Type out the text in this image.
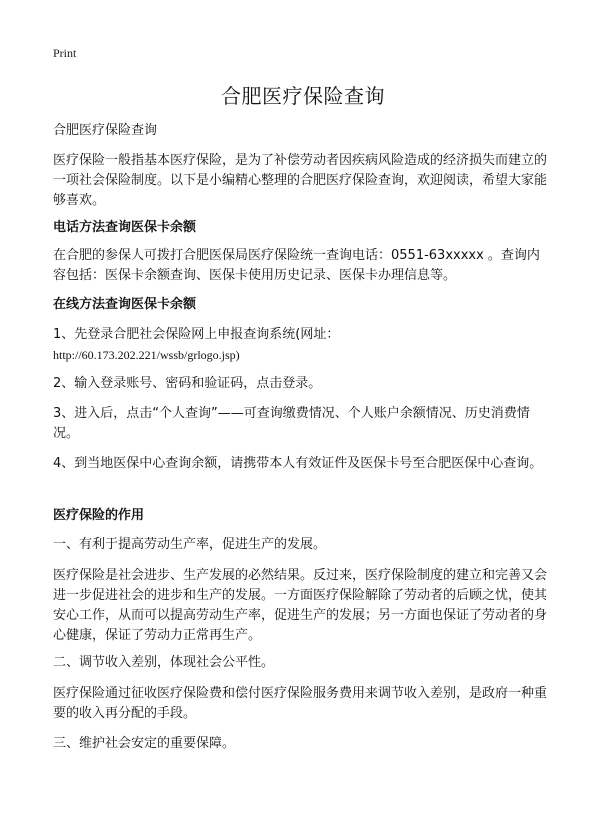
Print
合肥医疗保险查询

合肥医疗保险查询

医疗保险一般指基本医疗保险，是为了补偿劳动者因疾病风险造成的经济损失而建立的一项社会保险制度。以下是小编精心整理的合肥医疗保险查询，欢迎阅读，希望大家能够喜欢。

电话方法查询医保卡余额

在合肥的参保人可拨打合肥医保局医疗保险统一查询电话：0551-63xxxxx 。查询内容包括：医保卡余额查询、医保卡使用历史记录、医保卡办理信息等。

在线方法查询医保卡余额

1、先登录合肥社会保险网上申报查询系统(网址：
http://60.173.202.221/wssb/grlogo.jsp)

2、输入登录账号、密码和验证码，点击登录。

3、进入后，点击“个人查询”——可查询缴费情况、个人账户余额情况、历史消费情况。

4、到当地医保中心查询余额，请携带本人有效证件及医保卡号至合肥医保中心查询。

医疗保险的作用

一、有利于提高劳动生产率，促进生产的发展。

医疗保险是社会进步、生产发展的必然结果。反过来，医疗保险制度的建立和完善又会进一步促进社会的进步和生产的发展。一方面医疗保险解除了劳动者的后顾之忧，使其安心工作，从而可以提高劳动生产率，促进生产的发展；另一方面也保证了劳动者的身心健康，保证了劳动力正常再生产。

二、调节收入差别，体现社会公平性。

医疗保险通过征收医疗保险费和偿付医疗保险服务费用来调节收入差别，是政府一种重要的收入再分配的手段。

三、维护社会安定的重要保障。
